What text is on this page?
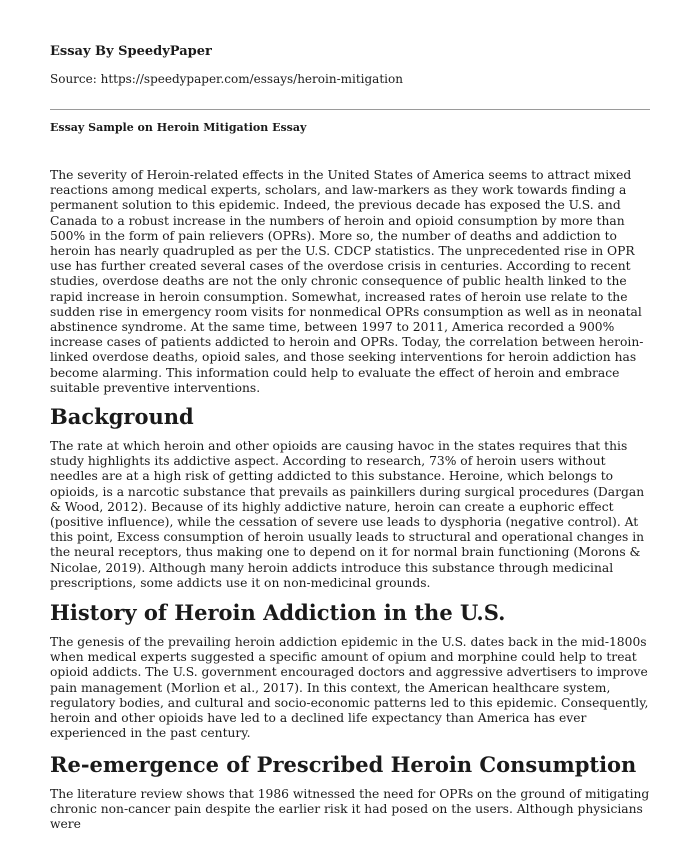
Essay By SpeedyPaper
Source: https://speedypaper.com/essays/heroin-mitigation
Essay Sample on Heroin Mitigation Essay

The severity of Heroin-related effects in the United States of America seems to attract mixed reactions among medical experts, scholars, and law-markers as they work towards finding a permanent solution to this epidemic. Indeed, the previous decade has exposed the U.S. and Canada to a robust increase in the numbers of heroin and opioid consumption by more than 500% in the form of pain relievers (OPRs). More so, the number of deaths and addiction to heroin has nearly quadrupled as per the U.S. CDCP statistics. The unprecedented rise in OPR use has further created several cases of the overdose crisis in centuries. According to recent studies, overdose deaths are not the only chronic consequence of public health linked to the rapid increase in heroin consumption. Somewhat, increased rates of heroin use relate to the sudden rise in emergency room visits for nonmedical OPRs consumption as well as in neonatal abstinence syndrome. At the same time, between 1997 to 2011, America recorded a 900% increase cases of patients addicted to heroin and OPRs. Today, the correlation between heroin-linked overdose deaths, opioid sales, and those seeking interventions for heroin addiction has become alarming. This information could help to evaluate the effect of heroin and embrace suitable preventive interventions.

Background

The rate at which heroin and other opioids are causing havoc in the states requires that this study highlights its addictive aspect. According to research, 73% of heroin users without needles are at a high risk of getting addicted to this substance. Heroine, which belongs to opioids, is a narcotic substance that prevails as painkillers during surgical procedures (Dargan & Wood, 2012). Because of its highly addictive nature, heroin can create a euphoric effect (positive influence), while the cessation of severe use leads to dysphoria (negative control). At this point, Excess consumption of heroin usually leads to structural and operational changes in the neural receptors, thus making one to depend on it for normal brain functioning (Morons & Nicolae, 2019). Although many heroin addicts introduce this substance through medicinal prescriptions, some addicts use it on non-medicinal grounds.

History of Heroin Addiction in the U.S.

The genesis of the prevailing heroin addiction epidemic in the U.S. dates back in the mid-1800s when medical experts suggested a specific amount of opium and morphine could help to treat opioid addicts. The U.S. government encouraged doctors and aggressive advertisers to improve pain management (Morlion et al., 2017). In this context, the American healthcare system, regulatory bodies, and cultural and socio-economic patterns led to this epidemic. Consequently, heroin and other opioids have led to a declined life expectancy than America has ever experienced in the past century.

Re-emergence of Prescribed Heroin Consumption

The literature review shows that 1986 witnessed the need for OPRs on the ground of mitigating chronic non-cancer pain despite the earlier risk it had posed on the users. Although physicians were
